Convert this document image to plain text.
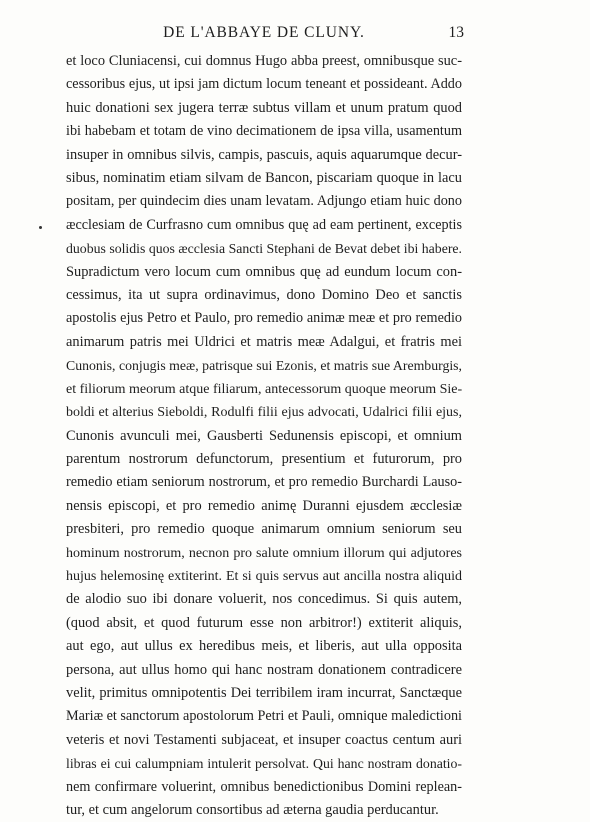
DE L'ABBAYE DE CLUNY.	13
et loco Cluniacensi, cui domnus Hugo abba preest, omnibusque suc-
cessoribus ejus, ut ipsi jam dictum locum teneant et possideant. Addo
huic donationi sex jugera terræ subtus villam et unum pratum quod
ibi habebam et totam de vino decimationem de ipsa villa, usamentum
insuper in omnibus silvis, campis, pascuis, aquis aquarumque decur-
sibus, nominatim etiam silvam de Bancon, piscariam quoque in lacu
positam, per quindecim dies unam levatam. Adjungo etiam huic dono
æcclesiam de Curfrasno cum omnibus quę ad eam pertinent, exceptis
duobus solidis quos æcclesia Sancti Stephani de Bevat debet ibi habere.
Supradictum vero locum cum omnibus quę ad eundum locum con-
cessimus, ita ut supra ordinavimus, dono Domino Deo et sanctis
apostolis ejus Petro et Paulo, pro remedio animæ meæ et pro remedio
animarum patris mei Uldrici et matris meæ Adalgui, et fratris mei
Cunonis, conjugis meæ, patrisque sui Ezonis, et matris sue Aremburgis,
et filiorum meorum atque filiarum, antecessorum quoque meorum Sie-
boldi et alterius Sieboldi, Rodulfi filii ejus advocati, Udalrici filii ejus,
Cunonis avunculi mei, Gausberti Sedunensis episcopi, et omnium
parentum nostrorum defunctorum, presentium et futurorum, pro
remedio etiam seniorum nostrorum, et pro remedio Burchardi Lauso-
nensis episcopi, et pro remedio animę Duranni ejusdem æcclesiæ
presbiteri, pro remedio quoque animarum omnium seniorum seu
hominum nostrorum, necnon pro salute omnium illorum qui adjutores
hujus helemosinę extiterint. Et si quis servus aut ancilla nostra aliquid
de alodio suo ibi donare voluerit, nos concedimus. Si quis autem,
(quod absit, et quod futurum esse non arbitror!) extiterit aliquis,
aut ego, aut ullus ex heredibus meis, et liberis, aut ulla opposita
persona, aut ullus homo qui hanc nostram donationem contradicere
velit, primitus omnipotentis Dei terribilem iram incurrat, Sanctæque
Mariæ et sanctorum apostolorum Petri et Pauli, omnique maledictioni
veteris et novi Testamenti subjaceat, et insuper coactus centum auri
libras ei cui calumpniam intulerit persolvat. Qui hanc nostram donatio-
nem confirmare voluerint, omnibus benedictionibus Domini replean-
tur, et cum angelorum consortibus ad æterna gaudia perducantur.
